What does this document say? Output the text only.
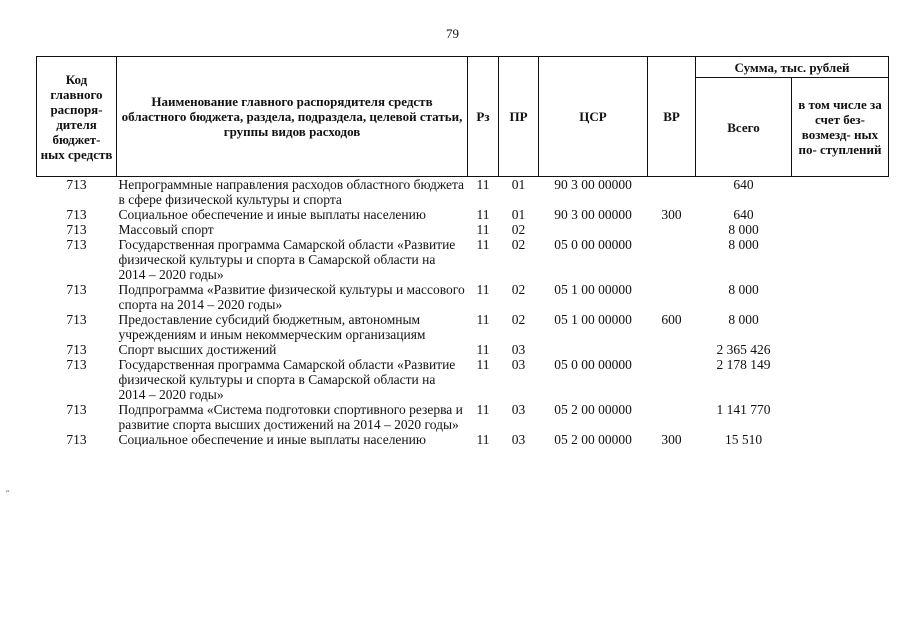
79
˶
Код главного распоря- дителя бюджет- ных средств	Наименование главного распорядителя средств областного бюджета, раздела, подраздела, целевой статьи, группы видов расходов	Рз	ПР	ЦСР	ВР	Сумма, тыс. рублей	
						Всего	в том числе за счет без- возмезд- ных по- ступлений
713	Непрограммные направления расходов областного бюджета в сфере физической культуры и спорта	11	01	90 3 00 00000		640	
713	Социальное обеспечение и иные выплаты населению	11	01	90 3 00 00000	300	640	
713	Массовый спорт	11	02			8 000	
713	Государственная программа Самарской области «Развитие физической культуры и спорта в Самарской области на 2014 – 2020 годы»	11	02	05 0 00 00000		8 000	
713	Подпрограмма «Развитие физической культуры и массового спорта на 2014 – 2020 годы»	11	02	05 1 00 00000		8 000	
713	Предоставление субсидий бюджетным, автономным учреждениям и иным некоммерческим организациям	11	02	05 1 00 00000	600	8 000	
713	Спорт высших достижений	11	03			2 365 426	
713	Государственная программа Самарской области «Развитие физической культуры и спорта в Самарской области на 2014 – 2020 годы»	11	03	05 0 00 00000		2 178 149	
713	Подпрограмма «Система подготовки спортивного резерва и развитие спорта высших достижений на 2014 – 2020 годы»	11	03	05 2 00 00000		1 141 770	
713	Социальное обеспечение и иные выплаты населению	11	03	05 2 00 00000	300	15 510	
